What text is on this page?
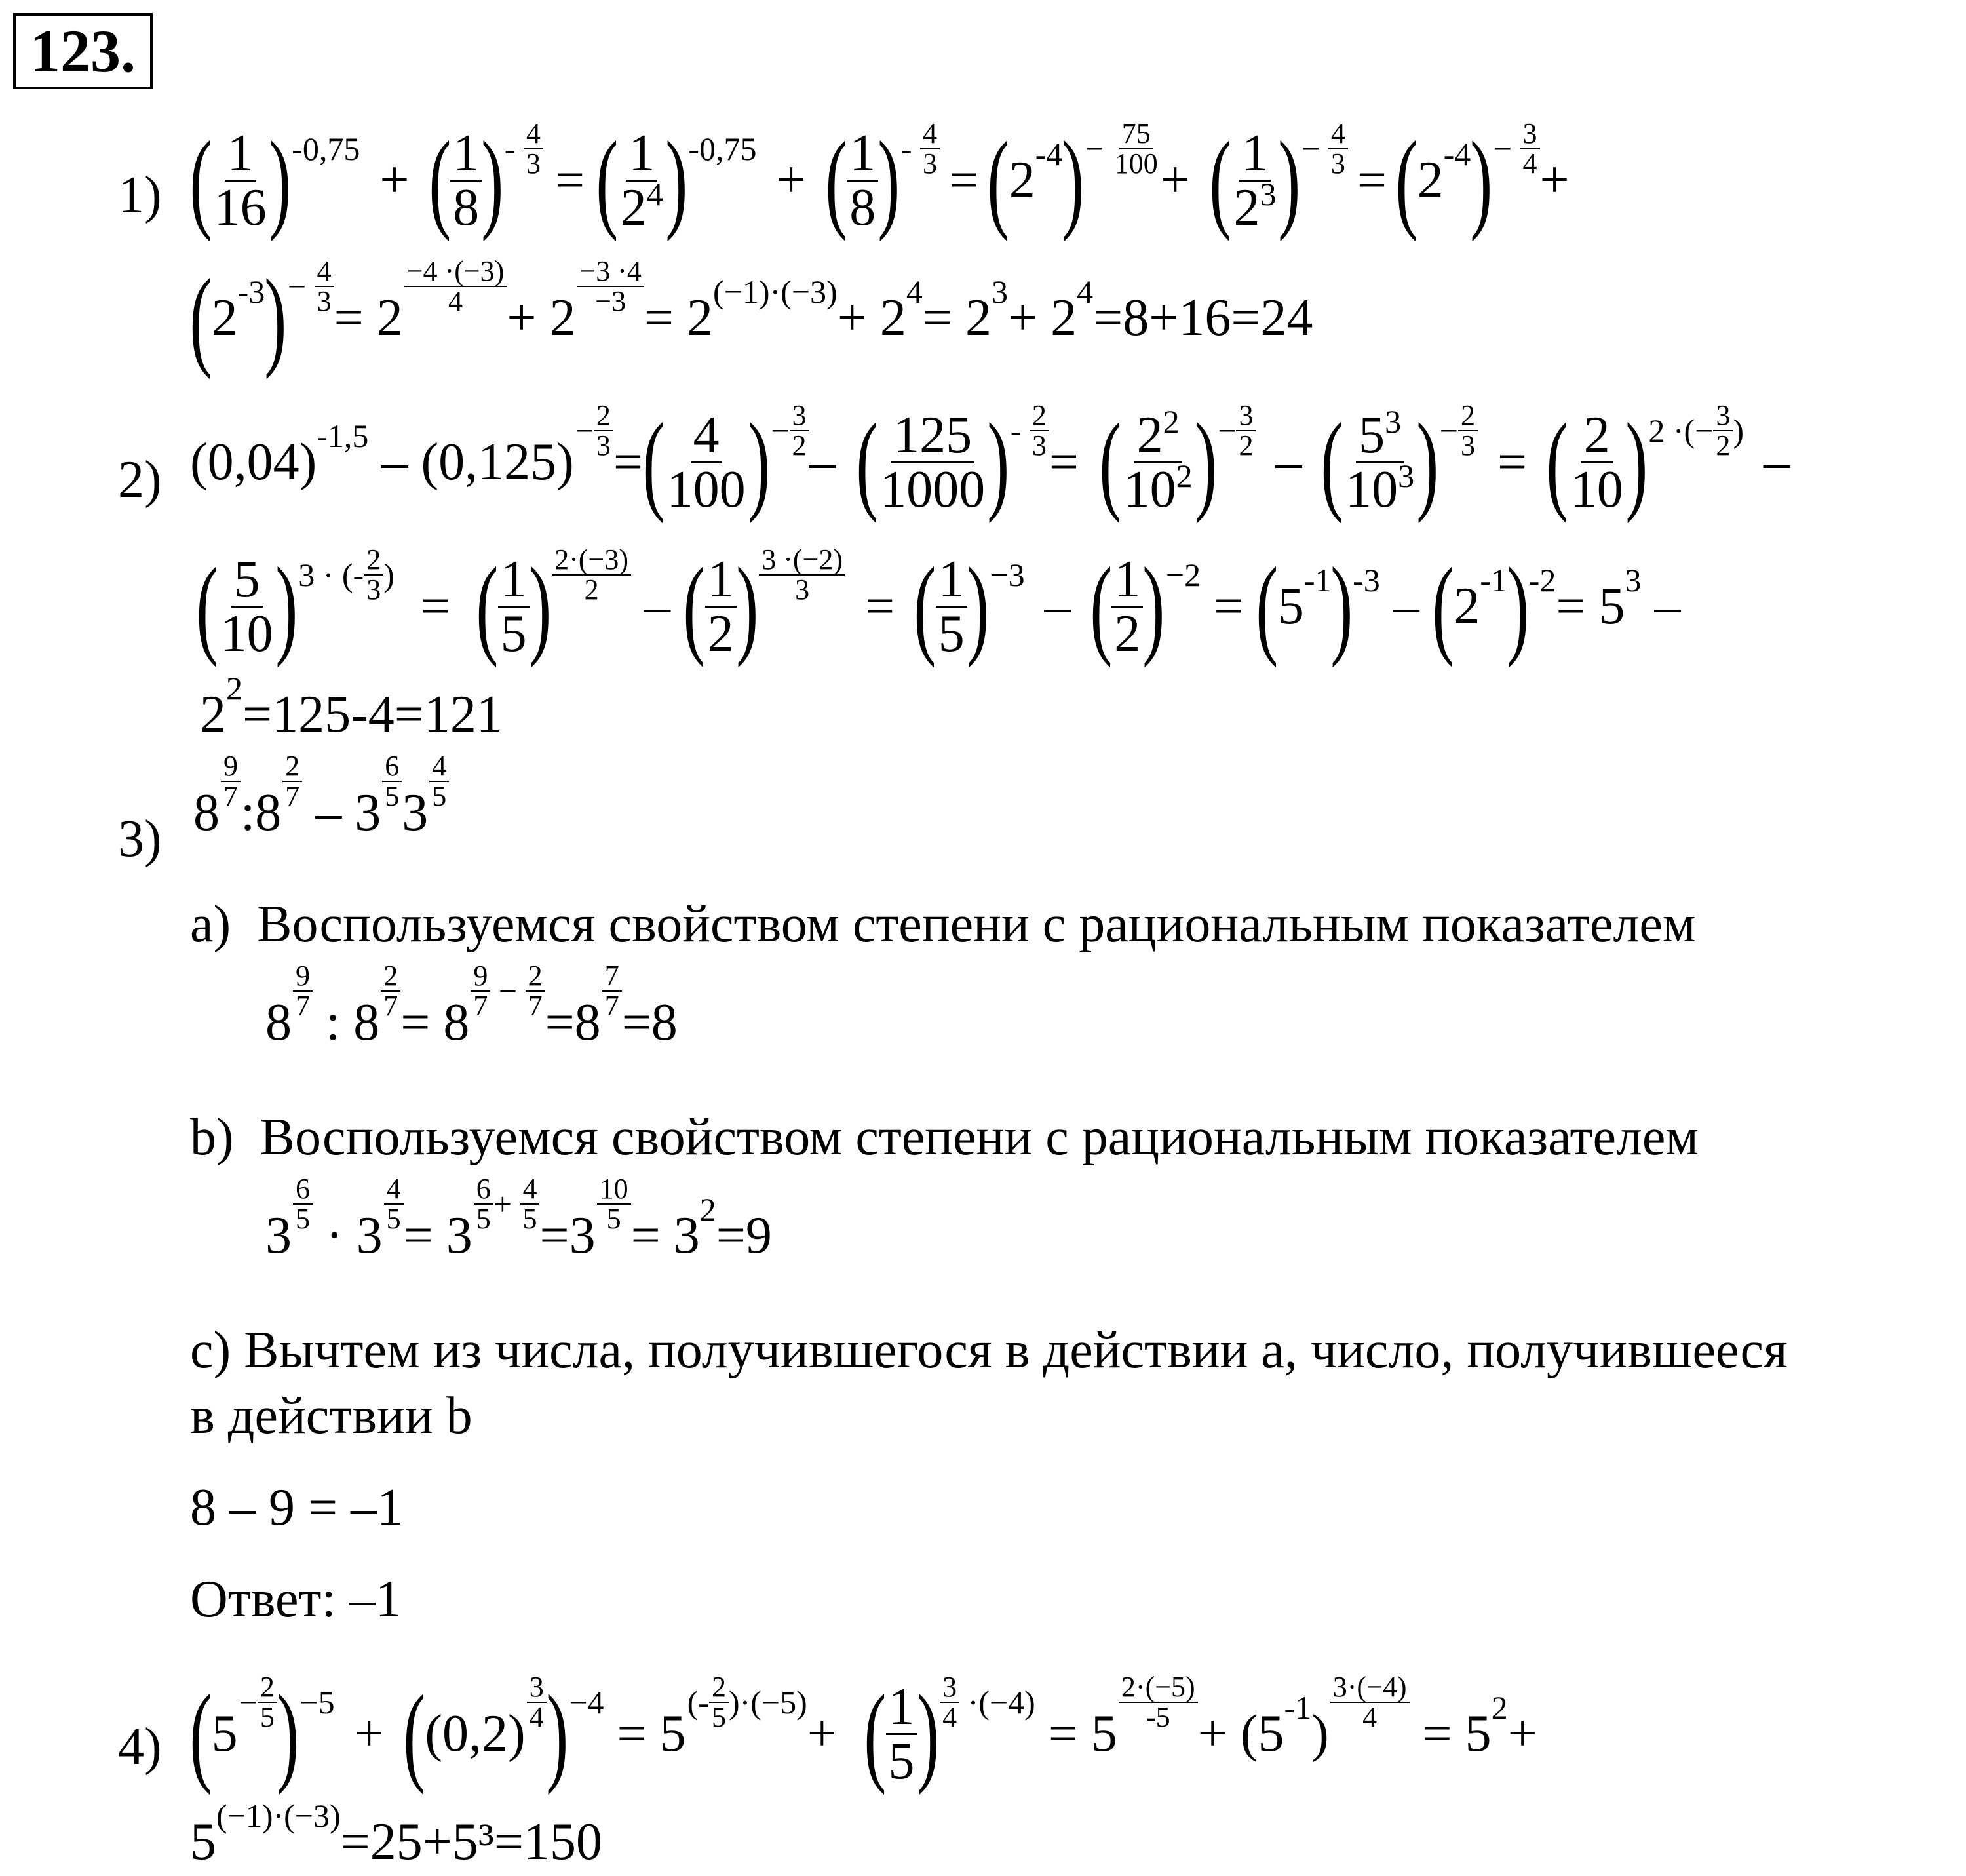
123.
1) ( $\frac{1}{16}$ ) -0,75
+ ( $\frac{1}{8}$ ) - $\frac{4}{3}$
= ( $\frac{1}{2^4}$ ) -0,75
+ ( $\frac{1}{8}$ ) - $\frac{4}{3}$
= ( 2 -4 ) − $\frac{75}{100}$
+ ( $\frac{1}{2^3}$ ) − $\frac{4}{3}$
= ( 2 -4 ) − $\frac{3}{4}$
+
( 2 -3 ) − $\frac{4}{3}$
= 2
$\frac{-4 \cdot(-3)}{4}$
+ 2
$\frac{-3 \cdot 4}{-3}$
= 2 (−1)·(−3) + 2 4 = 2 3 + 2 4 =8+16=24
2) (0,04) -1,5 – (0,125)
− $\frac{2}{3}$
= ( $\frac{4}{100}$ ) − $\frac{3}{2}$
– ( $\frac{125}{1000}$ ) - $\frac{2}{3}$
= ( $\frac{2^2}{10^2}$ ) − $\frac{3}{2}$
– ( $\frac{5^3}{10^3}$ ) − $\frac{2}{3}$
= ( $\frac{2}{10}$ ) 2 ·(− $\frac{3}{2}$ )
–
( $\frac{5}{10}$ ) 3 · (- $\frac{2}{3}$ )
= ( $\frac{1}{5}$ ) $\frac{2\cdot(-3)}{2}$
– ( $\frac{1}{2}$ ) $\frac{3 \cdot(-2)}{3}$
= ( $\frac{1}{5}$ ) −3
– ( $\frac{1}{2}$ ) −2
= ( 5 -1 ) -3 – ( 2 -1 ) -2 = 5 3 –
2 2 =125-4=121
3) 8
$\frac{9}{7}$
:8
$\frac{2}{7}$
– 3
$\frac{6}{5}$
3
$\frac{4}{5}$
a) Воспользуемся свойством степени с рациональным показателем
8
$\frac{9}{7}$
: 8
$\frac{2}{7}$
= 8
$\frac{9}{7} - \frac{2}{7}$
=8
$\frac{7}{7}$
=8
b) Воспользуемся свойством степени с рациональным показателем
3
$\frac{6}{5}$
· 3
$\frac{4}{5}$
= 3
$\frac{6}{5} + \frac{4}{5}$
=3
$\frac{10}{5}$
= 3 2 =9
c) Вычтем из числа, получившегося в действии a, число, получившееся
в действии b
8 – 9 = –1
Ответ: –1
4) ( 5
− $\frac{2}{5}$ ) −5
+ ( (0,2)
$\frac{3}{4}$ ) −4
= 5
(- $\frac{2}{5} )\cdot(-5)$
+ ( $\frac{1}{5}$ ) $\frac{3}{4} \cdot(-4)$
= 5
$\frac{2\cdot(-5)}{-5}$
+ (5 -1 )
$\frac{3\cdot(-4)}{4}$
= 5 2 +
5 (−1)·(−3) =25+5³=150
